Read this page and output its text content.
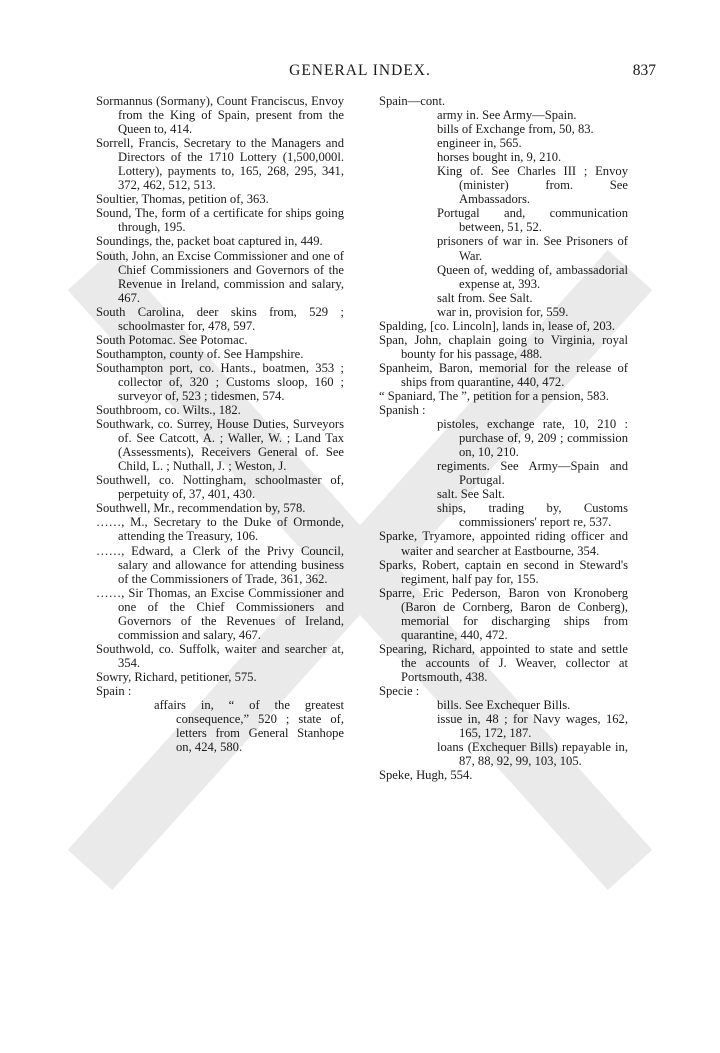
GENERAL INDEX.	837

Sormannus (Sormany), Count Franciscus, Envoy from the King of Spain, present from the Queen to, 414.

Sorrell, Francis, Secretary to the Managers and Directors of the 1710 Lottery (1,500,000l. Lottery), payments to, 165, 268, 295, 341, 372, 462, 512, 513.

Soultier, Thomas, petition of, 363.

Sound, The, form of a certificate for ships going through, 195.

Soundings, the, packet boat captured in, 449.

South, John, an Excise Commissioner and one of Chief Commissioners and Governors of the Revenue in Ireland, commission and salary, 467.

South Carolina, deer skins from, 529 ; schoolmaster for, 478, 597.

South Potomac. See Potomac.

Southampton, county of. See Hampshire.

Southampton port, co. Hants., boatmen, 353 ; collector of, 320 ; Customs sloop, 160 ; surveyor of, 523 ; tidesmen, 574.

Southbroom, co. Wilts., 182.

Southwark, co. Surrey, House Duties, Surveyors of. See Catcott, A. ; Waller, W. ; Land Tax (Assessments), Receivers General of. See Child, L. ; Nuthall, J. ; Weston, J.

Southwell, co. Nottingham, schoolmaster of, perpetuity of, 37, 401, 430.

Southwell, Mr., recommendation by, 578.

……, M., Secretary to the Duke of Ormonde, attending the Treasury, 106.

……, Edward, a Clerk of the Privy Council, salary and allowance for attending business of the Commissioners of Trade, 361, 362.

……, Sir Thomas, an Excise Commissioner and one of the Chief Commissioners and Governors of the Revenues of Ireland, commission and salary, 467.

Southwold, co. Suffolk, waiter and searcher at, 354.

Sowry, Richard, petitioner, 575.

Spain :

affairs in, “ of the greatest consequence,” 520 ; state of, letters from General Stanhope on, 424, 580.

Spain—cont.

army in. See Army—Spain.

bills of Exchange from, 50, 83.

engineer in, 565.

horses bought in, 9, 210.

King of. See Charles III ; Envoy (minister) from. See Ambassadors.

Portugal and, communication between, 51, 52.

prisoners of war in. See Prisoners of War.

Queen of, wedding of, ambassadorial expense at, 393.

salt from. See Salt.

war in, provision for, 559.

Spalding, [co. Lincoln], lands in, lease of, 203.

Span, John, chaplain going to Virginia, royal bounty for his passage, 488.

Spanheim, Baron, memorial for the release of ships from quarantine, 440, 472.

“ Spaniard, The ”, petition for a pension, 583.

Spanish :

pistoles, exchange rate, 10, 210 : purchase of, 9, 209 ; commission on, 10, 210.

regiments. See Army—Spain and Portugal.

salt. See Salt.

ships, trading by, Customs commissioners' report re, 537.

Sparke, Tryamore, appointed riding officer and waiter and searcher at Eastbourne, 354.

Sparks, Robert, captain en second in Steward's regiment, half pay for, 155.

Sparre, Eric Pederson, Baron von Kronoberg (Baron de Cornberg, Baron de Conberg), memorial for discharging ships from quarantine, 440, 472.

Spearing, Richard, appointed to state and settle the accounts of J. Weaver, collector at Portsmouth, 438.

Specie :

bills. See Exchequer Bills.

issue in, 48 ; for Navy wages, 162, 165, 172, 187.

loans (Exchequer Bills) repayable in, 87, 88, 92, 99, 103, 105.

Speke, Hugh, 554.
